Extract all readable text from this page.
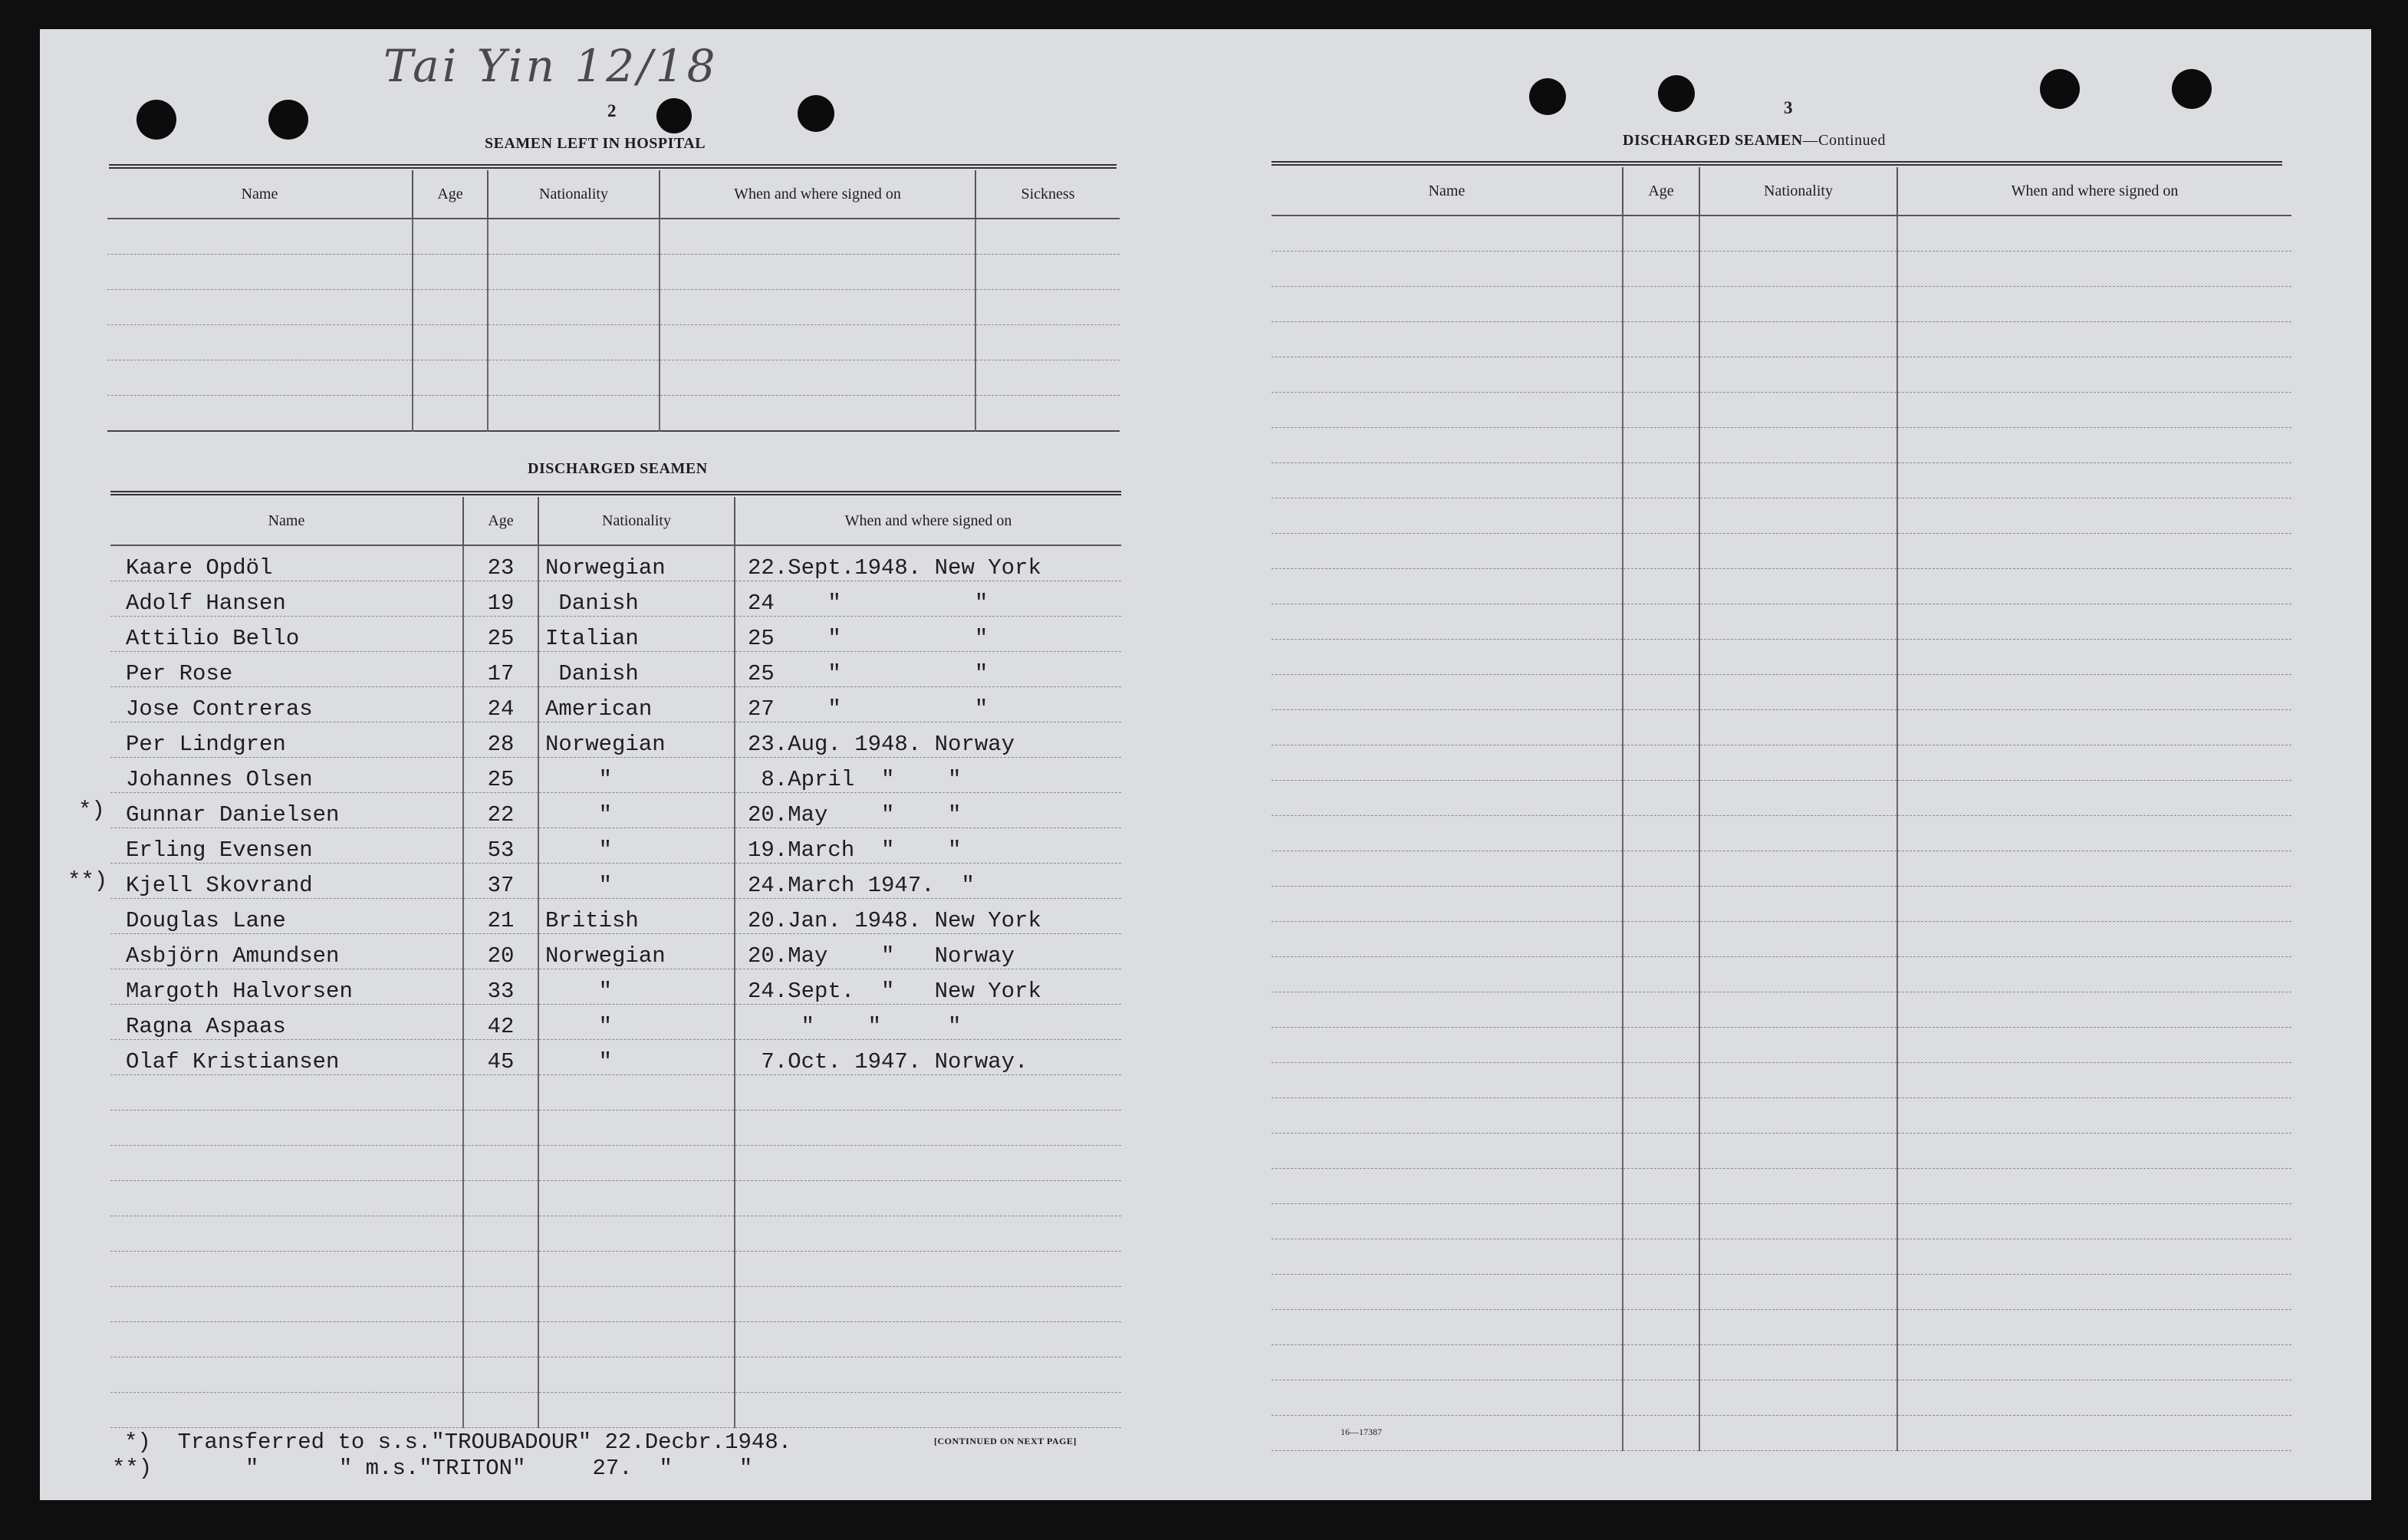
Tai Yin 12/18
2
SEAMEN LEFT IN HOSPITAL
Name	Age	Nationality	When and where signed on	Sickness

DISCHARGED SEAMEN
Name	Age	Nationality	When and where signed on
Kaare Opdöl	23	Norwegian	22.Sept.1948. New York
Adolf Hansen	19	Danish	24    "          "
Attilio Bello	25	Italian	25    "          "
Per Rose	17	Danish	25    "          "
Jose Contreras	24	American	27    "          "
Per Lindgren	28	Norwegian	23.Aug. 1948. Norway
Johannes Olsen	25	"	8.April  "    "
Gunnar Danielsen	22	"	20.May    "    "
Erling Evensen	53	"	19.March  "    "
Kjell Skovrand	37	"	24.March 1947.  "
Douglas Lane	21	British	20.Jan. 1948. New York
Asbjörn Amundsen	20	Norwegian	20.May    "   Norway
Margoth Halvorsen	33	"	24.Sept.  "   New York
Ragna Aspaas	42	"	"    "     "
Olaf Kristiansen	45	"	7.Oct. 1947. Norway.

*)
**)
*)  Transferred to s.s."TROUBADOUR" 22.Decbr.1948.
**)       "      " m.s."TRITON"     27.  "     "
[CONTINUED ON NEXT PAGE]
3
DISCHARGED SEAMEN—Continued
Name	Age	Nationality	When and where signed on

16—17387
